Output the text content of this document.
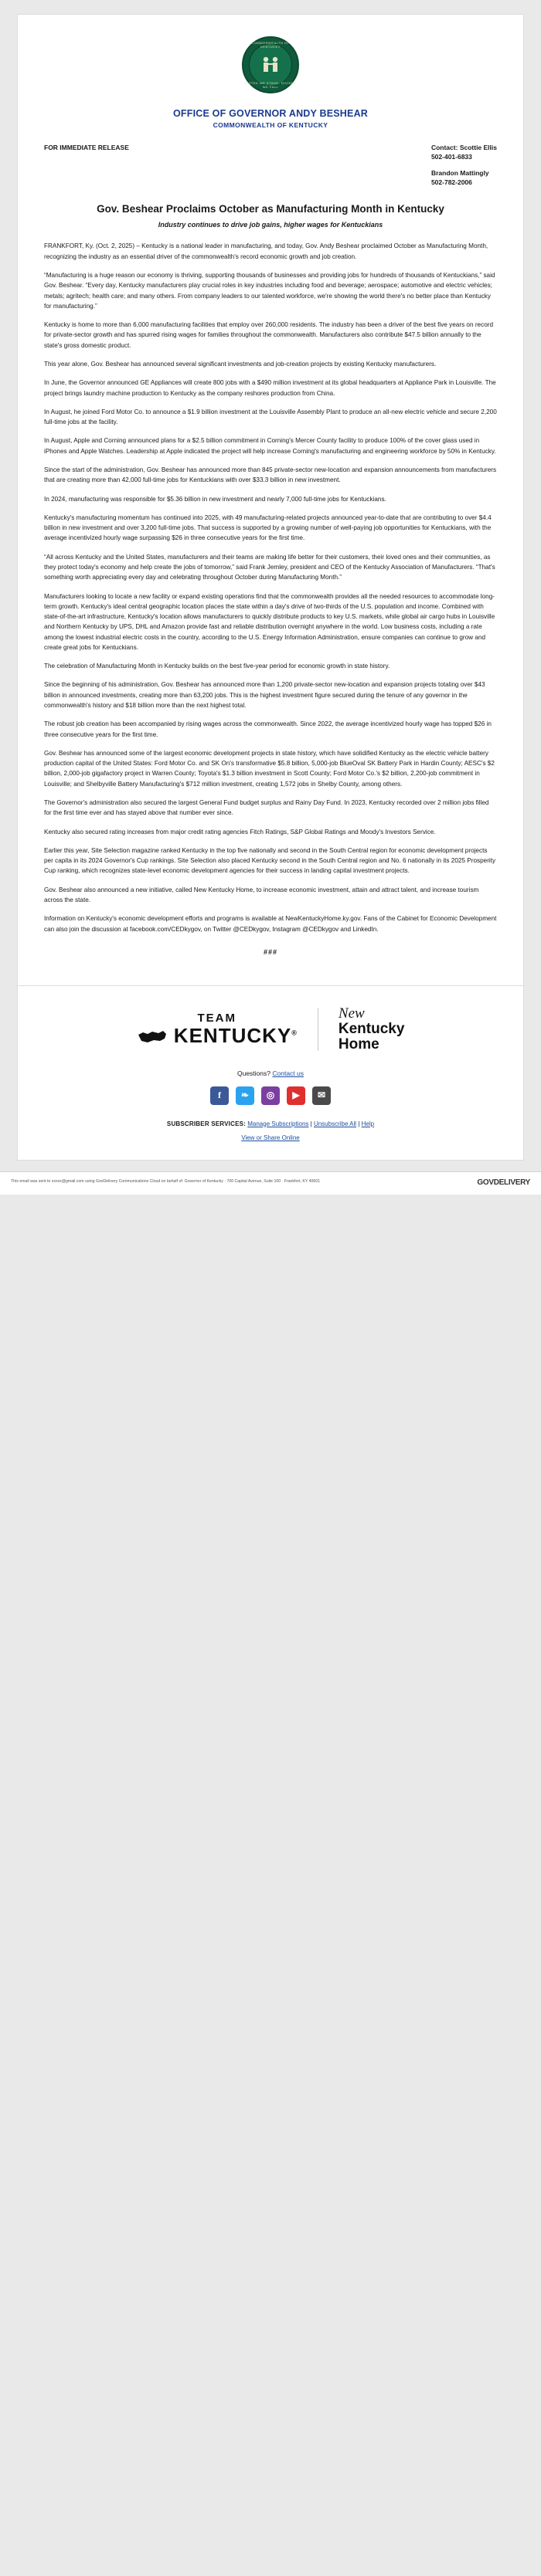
COMMONWEALTH OF KENTUCKY
UNITED WE STAND, DIVIDED WE FALL
OFFICE OF GOVERNOR ANDY BESHEAR
COMMONWEALTH OF KENTUCKY
FOR IMMEDIATE RELEASE	Contact: Scottie Ellis
502-401-6833
Brandon Mattingly
502-782-2006
Gov. Beshear Proclaims October as Manufacturing Month in Kentucky
Industry continues to drive job gains, higher wages for Kentuckians

FRANKFORT, Ky. (Oct. 2, 2025) – Kentucky is a national leader in manufacturing, and today, Gov. Andy Beshear proclaimed October as Manufacturing Month, recognizing the industry as an essential driver of the commonwealth's record economic growth and job creation.

“Manufacturing is a huge reason our economy is thriving, supporting thousands of businesses and providing jobs for hundreds of thousands of Kentuckians,” said Gov. Beshear. “Every day, Kentucky manufacturers play crucial roles in key industries including food and beverage; aerospace; automotive and electric vehicles; metals; agritech; health care; and many others. From company leaders to our talented workforce, we're showing the world there's no better place than Kentucky for manufacturing.”

Kentucky is home to more than 6,000 manufacturing facilities that employ over 260,000 residents. The industry has been a driver of the best five years on record for private-sector growth and has spurred rising wages for families throughout the commonwealth. Manufacturers also contribute $47.5 billion annually to the state's gross domestic product.

This year alone, Gov. Beshear has announced several significant investments and job-creation projects by existing Kentucky manufacturers.

In June, the Governor announced GE Appliances will create 800 jobs with a $490 million investment at its global headquarters at Appliance Park in Louisville. The project brings laundry machine production to Kentucky as the company reshores production from China.

In August, he joined Ford Motor Co. to announce a $1.9 billion investment at the Louisville Assembly Plant to produce an all-new electric vehicle and secure 2,200 full-time jobs at the facility.

In August, Apple and Corning announced plans for a $2.5 billion commitment in Corning's Mercer County facility to produce 100% of the cover glass used in iPhones and Apple Watches. Leadership at Apple indicated the project will help increase Corning's manufacturing and engineering workforce by 50% in Kentucky.

Since the start of the administration, Gov. Beshear has announced more than 845 private-sector new-location and expansion announcements from manufacturers that are creating more than 42,000 full-time jobs for Kentuckians with over $33.3 billion in new investment.

In 2024, manufacturing was responsible for $5.36 billion in new investment and nearly 7,000 full-time jobs for Kentuckians.

Kentucky's manufacturing momentum has continued into 2025, with 49 manufacturing-related projects announced year-to-date that are contributing to over $4.4 billion in new investment and over 3,200 full-time jobs. That success is supported by a growing number of well-paying job opportunities for Kentuckians, with the average incentivized hourly wage surpassing $26 in three consecutive years for the first time.

“All across Kentucky and the United States, manufacturers and their teams are making life better for their customers, their loved ones and their communities, as they protect today's economy and help create the jobs of tomorrow,” said Frank Jemley, president and CEO of the Kentucky Association of Manufacturers. “That's something worth appreciating every day and celebrating throughout October during Manufacturing Month.”

Manufacturers looking to locate a new facility or expand existing operations find that the commonwealth provides all the needed resources to accommodate long-term growth. Kentucky's ideal central geographic location places the state within a day's drive of two-thirds of the U.S. population and income. Combined with state-of-the-art infrastructure, Kentucky's location allows manufacturers to quickly distribute products to key U.S. markets, while global air cargo hubs in Louisville and Northern Kentucky by UPS, DHL and Amazon provide fast and reliable distribution overnight anywhere in the world. Low business costs, including a rate among the lowest industrial electric costs in the country, according to the U.S. Energy Information Administration, ensure companies can continue to grow and create great jobs for Kentuckians.

The celebration of Manufacturing Month in Kentucky builds on the best five-year period for economic growth in state history.

Since the beginning of his administration, Gov. Beshear has announced more than 1,200 private-sector new-location and expansion projects totaling over $43 billion in announced investments, creating more than 63,200 jobs. This is the highest investment figure secured during the tenure of any governor in the commonwealth's history and $18 billion more than the next highest total.

The robust job creation has been accompanied by rising wages across the commonwealth. Since 2022, the average incentivized hourly wage has topped $26 in three consecutive years for the first time.

Gov. Beshear has announced some of the largest economic development projects in state history, which have solidified Kentucky as the electric vehicle battery production capital of the United States: Ford Motor Co. and SK On's transformative $5.8 billion, 5,000-job BlueOval SK Battery Park in Hardin County; AESC's $2 billion, 2,000-job gigafactory project in Warren County; Toyota's $1.3 billion investment in Scott County; Ford Motor Co.'s $2 billion, 2,200-job commitment in Louisville; and Shelbyville Battery Manufacturing's $712 million investment, creating 1,572 jobs in Shelby County, among others.

The Governor's administration also secured the largest General Fund budget surplus and Rainy Day Fund. In 2023, Kentucky recorded over 2 million jobs filled for the first time ever and has stayed above that number ever since.

Kentucky also secured rating increases from major credit rating agencies Fitch Ratings, S&P Global Ratings and Moody's Investors Service.

Earlier this year, Site Selection magazine ranked Kentucky in the top five nationally and second in the South Central region for economic development projects per capita in its 2024 Governor's Cup rankings. Site Selection also placed Kentucky second in the South Central region and No. 6 nationally in its 2025 Prosperity Cup ranking, which recognizes state-level economic development agencies for their success in landing capital investment projects.

Gov. Beshear also announced a new initiative, called New Kentucky Home, to increase economic investment, attain and attract talent, and increase tourism across the state.

Information on Kentucky's economic development efforts and programs is available at NewKentuckyHome.ky.gov. Fans of the Cabinet for Economic Development can also join the discussion at facebook.com/CEDkygov, on Twitter @CEDkygov, Instagram @CEDkygov and LinkedIn.

###
TEAM
KENTUCKY®
New
Kentucky
Home
Questions? Contact us
f	❧	◎	▶	✉
SUBSCRIBER SERVICES: Manage Subscriptions | Unsubscribe All | Help
View or Share Online
This email was sent to xxxxx@gmail.com using GovDelivery Communications Cloud on behalf of: Governor of Kentucky · 700 Capital Avenue, Suite 100 · Frankfort, KY 40601	GOVDELIVERY
